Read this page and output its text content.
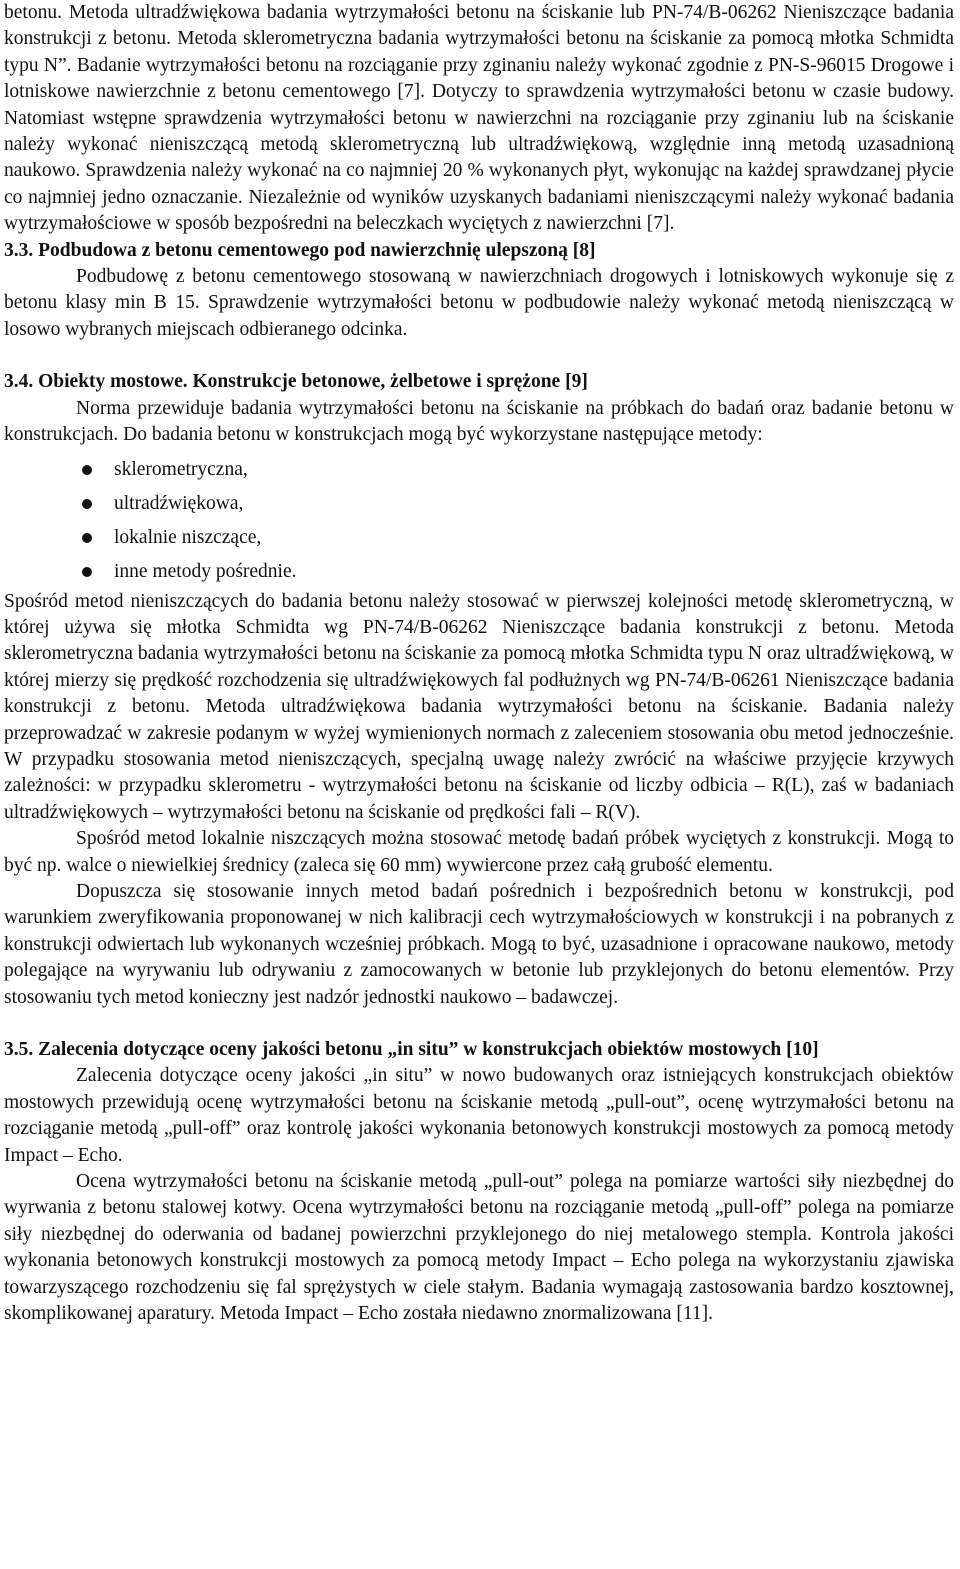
betonu. Metoda ultradźwiękowa badania wytrzymałości betonu na ściskanie lub PN-74/B-06262 Nieniszczące badania konstrukcji z betonu. Metoda sklerometryczna badania wytrzymałości betonu na ściskanie za pomocą młotka Schmidta typu N”. Badanie wytrzymałości betonu na rozciąganie przy zginaniu należy wykonać zgodnie z PN-S-96015 Drogowe i lotniskowe nawierzchnie z betonu cementowego [7]. Dotyczy to sprawdzenia wytrzymałości betonu w czasie budowy. Natomiast wstępne sprawdzenia wytrzymałości betonu w nawierzchni na rozciąganie przy zginaniu lub na ściskanie należy wykonać nieniszczącą metodą sklerometryczną lub ultradźwiękową, względnie inną metodą uzasadnioną naukowo. Sprawdzenia należy wykonać na co najmniej 20 % wykonanych płyt, wykonując na każdej sprawdzanej płycie co najmniej jedno oznaczanie. Niezależnie od wyników uzyskanych badaniami nieniszczącymi należy wykonać badania wytrzymałościowe w sposób bezpośredni na beleczkach wyciętych z nawierzchni [7].

3.3. Podbudowa z betonu cementowego pod nawierzchnię ulepszoną [8]

Podbudowę z betonu cementowego stosowaną w nawierzchniach drogowych i lotniskowych wykonuje się z betonu klasy min B 15. Sprawdzenie wytrzymałości betonu w podbudowie należy wykonać metodą nieniszczącą w losowo wybranych miejscach odbieranego odcinka.

3.4. Obiekty mostowe. Konstrukcje betonowe, żelbetowe i sprężone [9]

Norma przewiduje badania wytrzymałości betonu na ściskanie na próbkach do badań oraz badanie betonu w konstrukcjach. Do badania betonu w konstrukcjach mogą być wykorzystane następujące metody:

sklerometryczna,
ultradźwiękowa,
lokalnie niszczące,
inne metody pośrednie.

Spośród metod nieniszczących do badania betonu należy stosować w pierwszej kolejności metodę sklerometryczną, w której używa się młotka Schmidta wg PN-74/B-06262 Nieniszczące badania konstrukcji z betonu. Metoda sklerometryczna badania wytrzymałości betonu na ściskanie za pomocą młotka Schmidta typu N oraz ultradźwiękową, w której mierzy się prędkość rozchodzenia się ultradźwiękowych fal podłużnych wg PN-74/B-06261 Nieniszczące badania konstrukcji z betonu. Metoda ultradźwiękowa badania wytrzymałości betonu na ściskanie. Badania należy przeprowadzać w zakresie podanym w wyżej wymienionych normach z zaleceniem stosowania obu metod jednocześnie. W przypadku stosowania metod nieniszczących, specjalną uwagę należy zwrócić na właściwe przyjęcie krzywych zależności: w przypadku sklerometru - wytrzymałości betonu na ściskanie od liczby odbicia – R(L), zaś w badaniach ultradźwiękowych – wytrzymałości betonu na ściskanie od prędkości fali – R(V).

Spośród metod lokalnie niszczących można stosować metodę badań próbek wyciętych z konstrukcji. Mogą to być np. walce o niewielkiej średnicy (zaleca się 60 mm) wywiercone przez całą grubość elementu.

Dopuszcza się stosowanie innych metod badań pośrednich i bezpośrednich betonu w konstrukcji, pod warunkiem zweryfikowania proponowanej w nich kalibracji cech wytrzymałościowych w konstrukcji i na pobranych z konstrukcji odwiertach lub wykonanych wcześniej próbkach. Mogą to być, uzasadnione i opracowane naukowo, metody polegające na wyrywaniu lub odrywaniu z zamocowanych w betonie lub przyklejonych do betonu elementów. Przy stosowaniu tych metod konieczny jest nadzór jednostki naukowo – badawczej.

3.5. Zalecenia dotyczące oceny jakości betonu „in situ” w konstrukcjach obiektów mostowych [10]

Zalecenia dotyczące oceny jakości „in situ” w nowo budowanych oraz istniejących konstrukcjach obiektów mostowych przewidują ocenę wytrzymałości betonu na ściskanie metodą „pull-out”, ocenę wytrzymałości betonu na rozciąganie metodą „pull-off” oraz kontrolę jakości wykonania betonowych konstrukcji mostowych za pomocą metody Impact – Echo.

Ocena wytrzymałości betonu na ściskanie metodą „pull-out” polega na pomiarze wartości siły niezbędnej do wyrwania z betonu stalowej kotwy. Ocena wytrzymałości betonu na rozciąganie metodą „pull-off” polega na pomiarze siły niezbędnej do oderwania od badanej powierzchni przyklejonego do niej metalowego stempla. Kontrola jakości wykonania betonowych konstrukcji mostowych za pomocą metody Impact – Echo polega na wykorzystaniu zjawiska towarzyszącego rozchodzeniu się fal sprężystych w ciele stałym. Badania wymagają zastosowania bardzo kosztownej, skomplikowanej aparatury. Metoda Impact – Echo została niedawno znormalizowana [11].
